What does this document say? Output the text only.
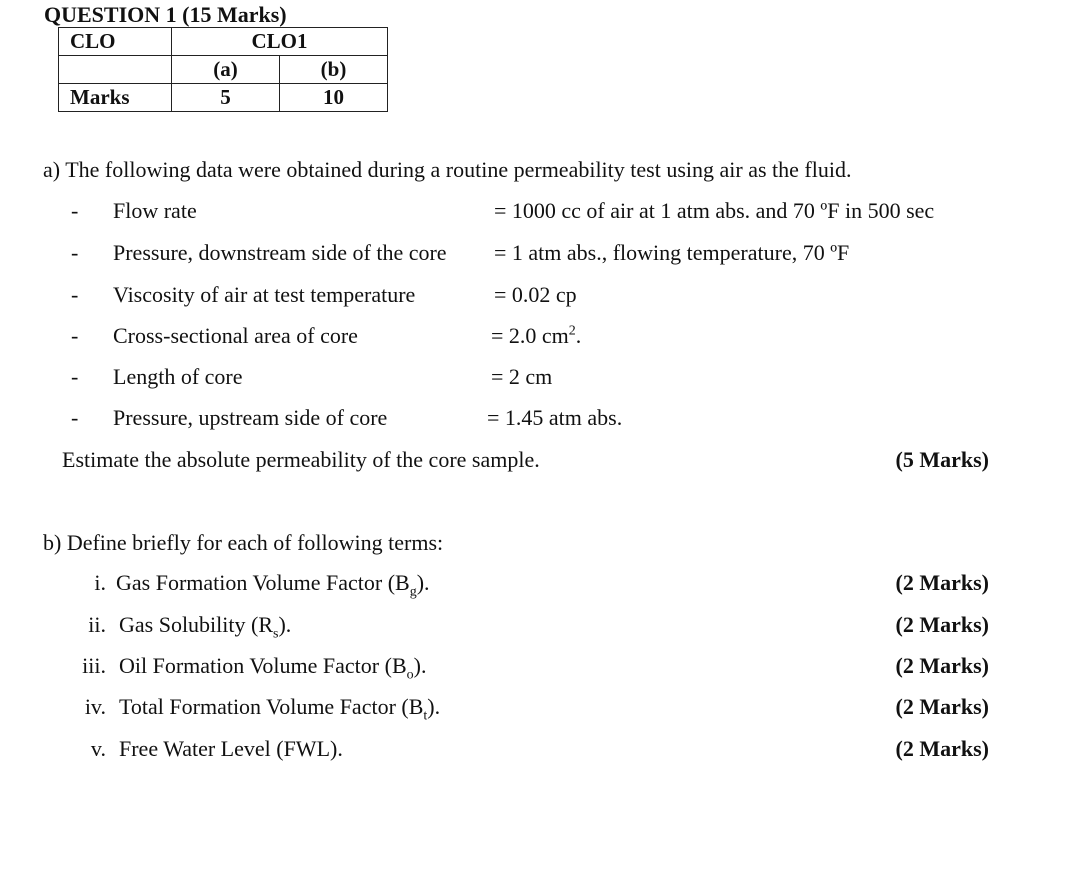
QUESTION 1 (15 Marks)
CLO	CLO1	
	(a)	(b)
Marks	5	10
a) The following data were obtained during a routine permeability test using air as the fluid.
- Flow rate	= 1000 cc of air at 1 atm abs. and 70 ºF in 500 sec
- Pressure, downstream side of the core = 1 atm abs., flowing temperature, 70 ºF
- Viscosity of air at test temperature	= 0.02 cp
- Cross-sectional area of core	= 2.0 $cm^2$.
- Length of core	= 2 cm
- Pressure, upstream side of core	= 1.45 atm abs.
Estimate the absolute permeability of the core sample.	(5 Marks)
b) Define briefly for each of following terms:
i. Gas Formation Volume Factor $(B_g)$.	(2 Marks)
ii. Gas Solubility $(R_s)$.	(2 Marks)
iii. Oil Formation Volume Factor $(B_o)$.	(2 Marks)
iv. Total Formation Volume Factor $(B_t)$.	(2 Marks)
v. Free Water Level (FWL).	(2 Marks)
